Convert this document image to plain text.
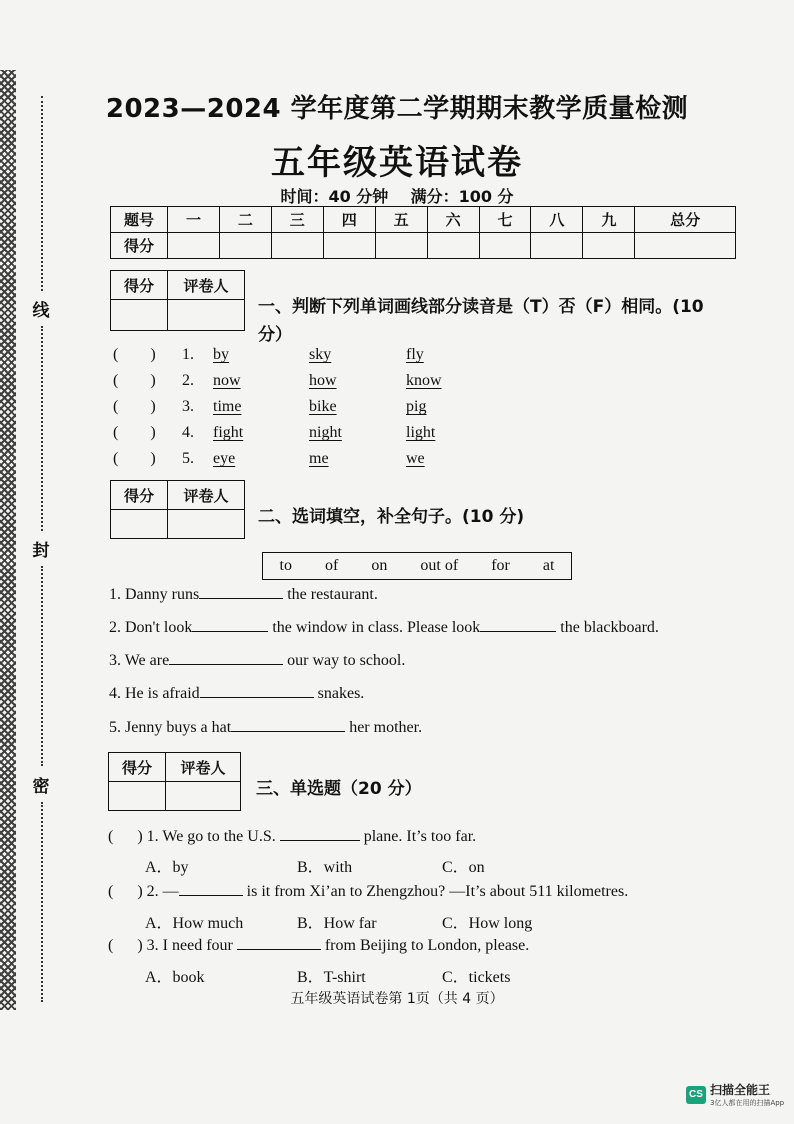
线
封
密
2023—2024 学年度第二学期期末教学质量检测
五年级英语试卷
时间：40 分钟    满分：100 分
题号	一	二	三	四	五	六	七	八	九	总分
得分										
得分	评卷人

一、判断下列单词画线部分读音是（T）否（F）相同。(10
分）
(        ) 1. by	sky	fly
(        ) 2. now	how	know
(        ) 3. time	bike	pig
(        ) 4. fight	night	light
(        ) 5. eye	me	we
得分	评卷人

二、选词填空，补全句子。(10 分)
to of on out of for at
1. Danny runs	the restaurant.
2. Don't look	the window in class. Please look	the blackboard.
3. We are	our way to school.
4. He is afraid	snakes.
5. Jenny buys a hat	her mother.
得分	评卷人

三、单选题（20 分）
(      ) 1. We go to the U.S.	plane. It’s too far.
A．by	B．with	C．on
(      ) 2. —	is it from Xi’an to Zhengzhou? —It’s about 511 kilometres.
A．How much	B．How far	C．How long
(      ) 3. I need four	from Beijing to London, please.
A．book	B．T-shirt	C．tickets
五年级英语试卷第 1页（共 4 页）
CS 扫描全能王
3亿人都在用的扫描App
